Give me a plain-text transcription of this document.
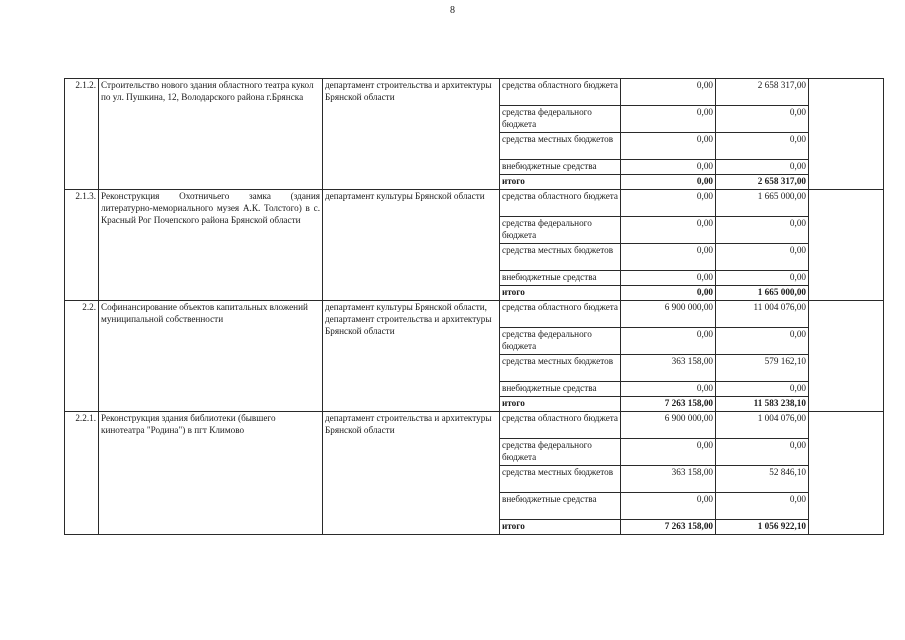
8
2.1.2.	Строительство нового здания областного театра кукол по ул. Пушкина, 12, Володарского района г.Брянска	департамент строительства и архитектуры Брянской области	средства областного бюджета	0,00	2 658 317,00	
			средства федерального бюджета	0,00	0,00	
			средства местных бюджетов	0,00	0,00	
			внебюджетные средства	0,00	0,00	
			итого	0,00	2 658 317,00	
2.1.3.	Реконструкция Охотничьего замка (здания литературно-мемориального музея А.К. Толстого) в с. Красный Рог Почепского района Брянской области	департамент культуры Брянской области	средства областного бюджета	0,00	1 665 000,00	
			средства федерального бюджета	0,00	0,00	
			средства местных бюджетов	0,00	0,00	
			внебюджетные средства	0,00	0,00	
			итого	0,00	1 665 000,00	
2.2.	Софинансирование объектов капитальных вложений муниципальной собственности	департамент культуры Брянской области, департамент строительства и архитектуры Брянской области	средства областного бюджета	6 900 000,00	11 004 076,00	
			средства федерального бюджета	0,00	0,00	
			средства местных бюджетов	363 158,00	579 162,10	
			внебюджетные средства	0,00	0,00	
			итого	7 263 158,00	11 583 238,10	
2.2.1.	Реконструкция здания библиотеки (бывшего кинотеатра "Родина") в пгт Климово	департамент строительства и архитектуры Брянской области	средства областного бюджета	6 900 000,00	1 004 076,00	
			средства федерального бюджета	0,00	0,00	
			средства местных бюджетов	363 158,00	52 846,10	
			внебюджетные средства	0,00	0,00	
			итого	7 263 158,00	1 056 922,10	
